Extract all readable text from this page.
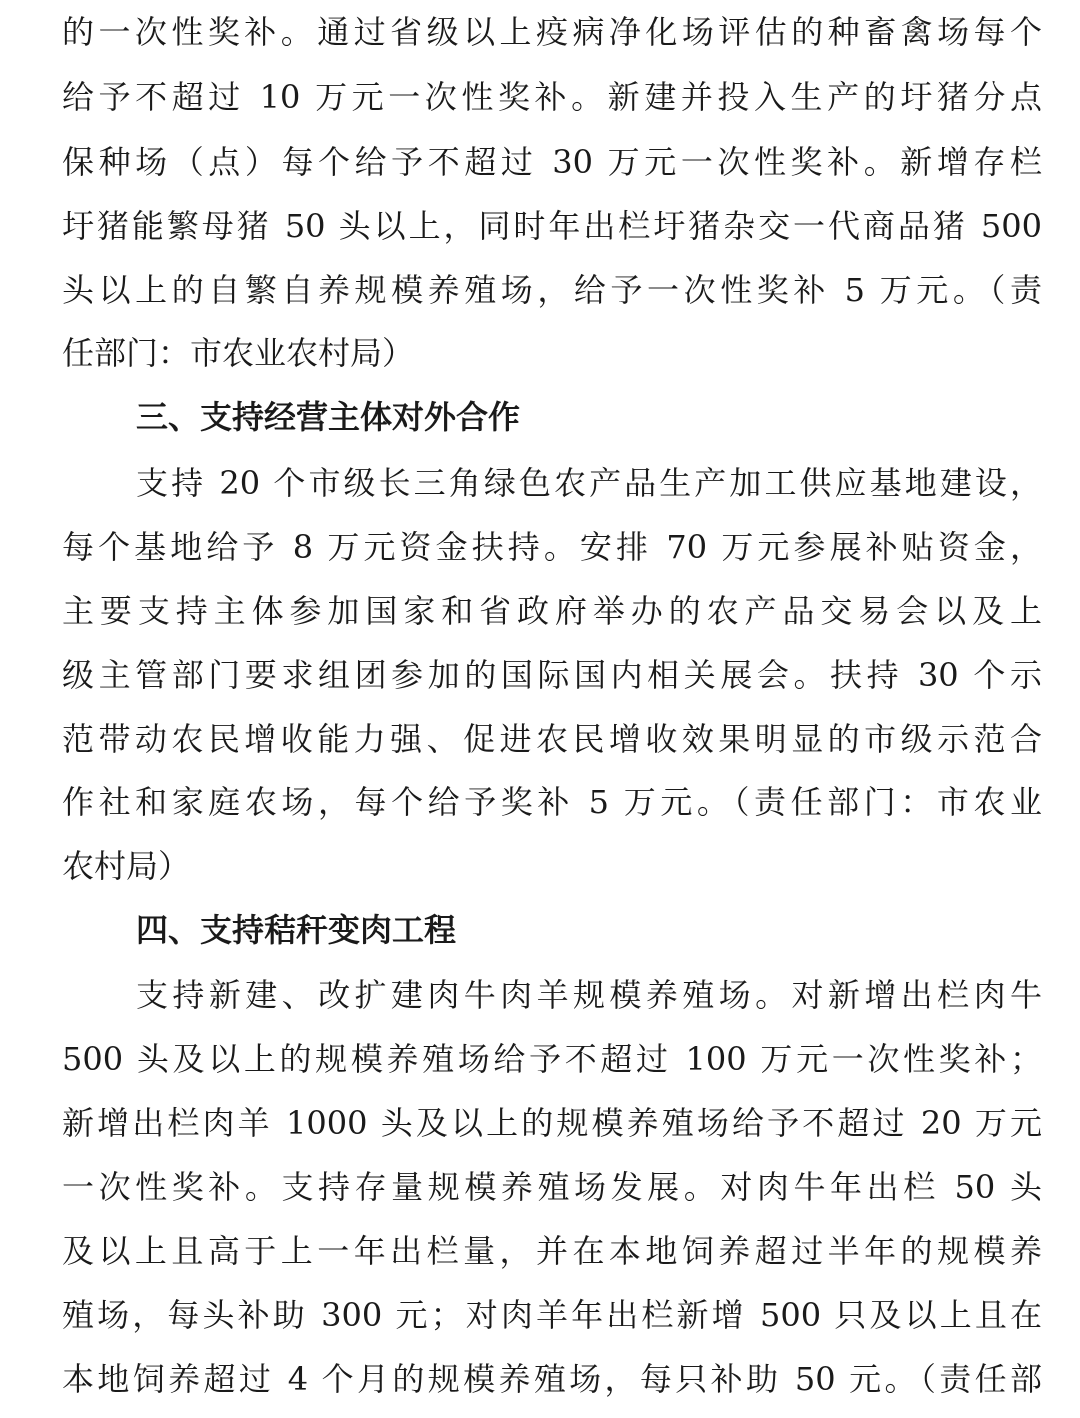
的一次性奖补。通过省级以上疫病净化场评估的种畜禽场每个
给予不超过 10 万元一次性奖补。新建并投入生产的圩猪分点
保种场（点）每个给予不超过 30 万元一次性奖补。新增存栏
圩猪能繁母猪 50 头以上，同时年出栏圩猪杂交一代商品猪 500
头以上的自繁自养规模养殖场，给予一次性奖补 5 万元。（责
任部门：市农业农村局）
三、支持经营主体对外合作
支持 20 个市级长三角绿色农产品生产加工供应基地建设，
每个基地给予 8 万元资金扶持。安排 70 万元参展补贴资金，
主要支持主体参加国家和省政府举办的农产品交易会以及上
级主管部门要求组团参加的国际国内相关展会。扶持 30 个示
范带动农民增收能力强、促进农民增收效果明显的市级示范合
作社和家庭农场，每个给予奖补 5 万元。（责任部门：市农业
农村局）
四、支持秸秆变肉工程
支持新建、改扩建肉牛肉羊规模养殖场。对新增出栏肉牛
500 头及以上的规模养殖场给予不超过 100 万元一次性奖补；
新增出栏肉羊 1000 头及以上的规模养殖场给予不超过 20 万元
一次性奖补。支持存量规模养殖场发展。对肉牛年出栏 50 头
及以上且高于上一年出栏量，并在本地饲养超过半年的规模养
殖场，每头补助 300 元；对肉羊年出栏新增 500 只及以上且在
本地饲养超过 4 个月的规模养殖场，每只补助 50 元。（责任部
